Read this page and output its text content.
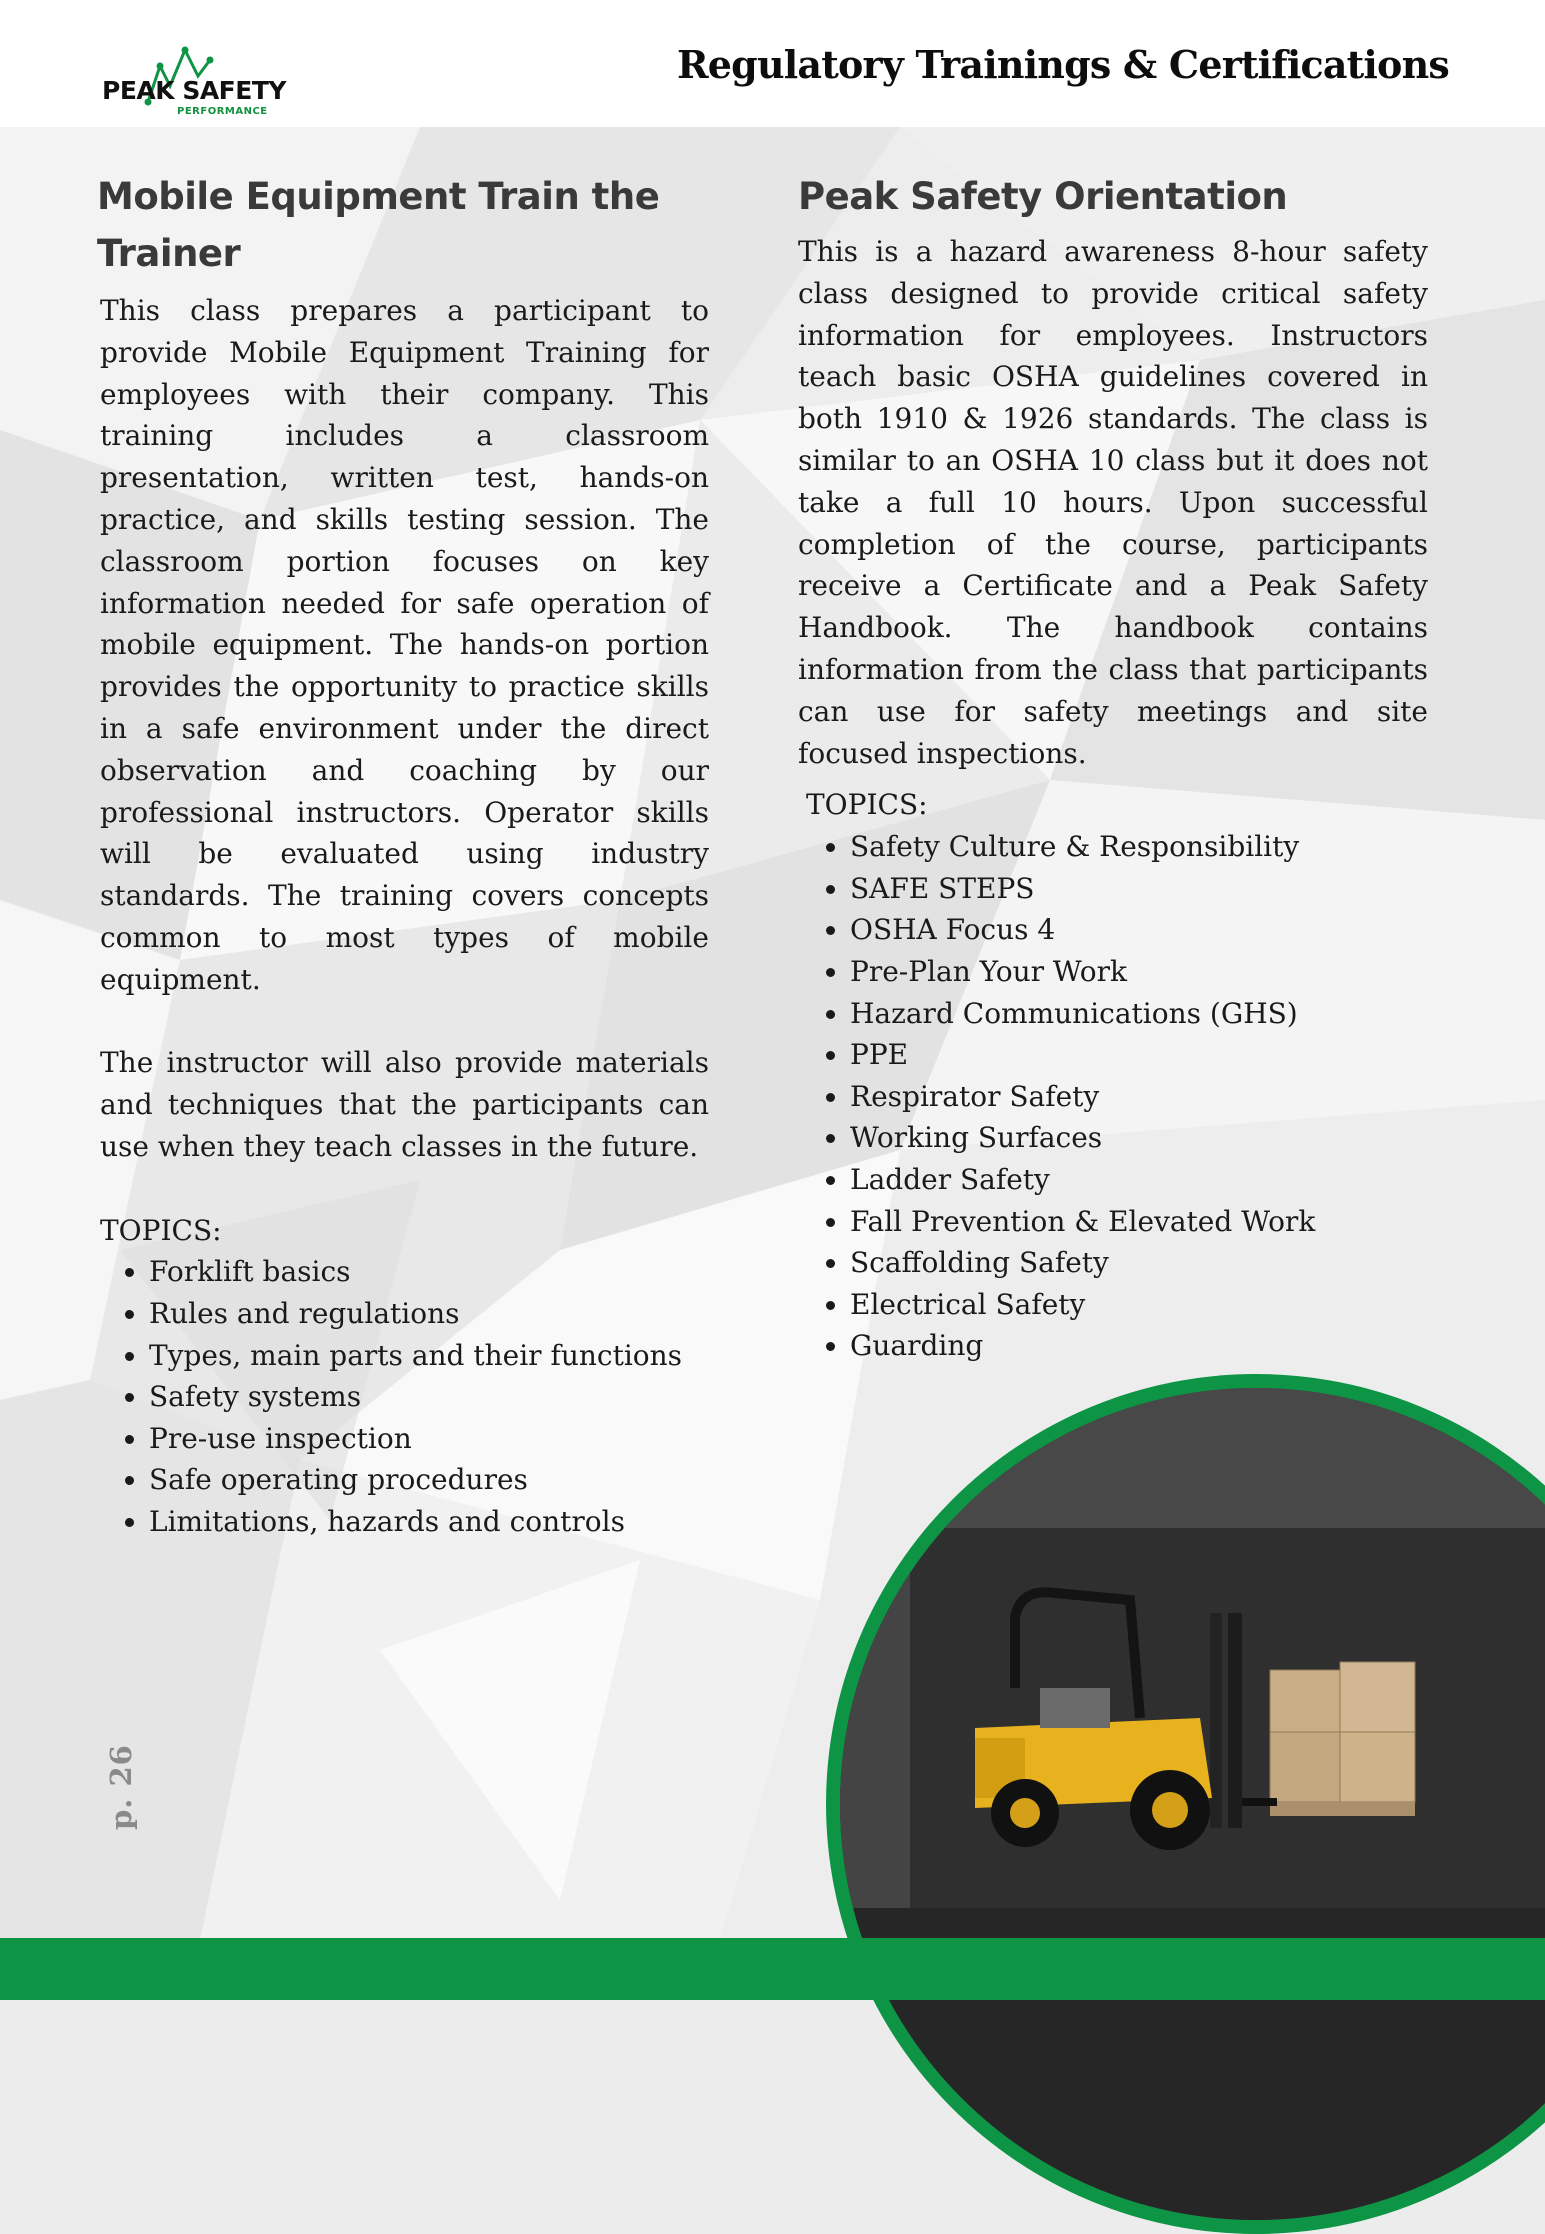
PEAK SAFETY
PERFORMANCE
Regulatory Trainings & Certifications
Mobile Equipment Train the
Trainer

This class prepares a participant to provide Mobile Equipment Training for employees with their company. This training includes a classroom presentation, written test, hands-on practice, and skills testing session. The classroom portion focuses on key information needed for safe operation of mobile equipment. The hands-on portion provides the opportunity to practice skills in a safe environment under the direct observation and coaching by our professional instructors. Operator skills will be evaluated using industry standards. The training covers concepts common to most types of mobile equipment.

The instructor will also provide materials and techniques that the participants can use when they teach classes in the future.

TOPICS:

• Forklift basics
• Rules and regulations
• Types, main parts and their functions
• Safety systems
• Pre-use inspection
• Safe operating procedures
• Limitations, hazards and controls
Peak Safety Orientation

This is a hazard awareness 8-hour safety class designed to provide critical safety information for employees. Instructors teach basic OSHA guidelines covered in both 1910 & 1926 standards. The class is similar to an OSHA 10 class but it does not take a full 10 hours. Upon successful completion of the course, participants receive a Certificate and a Peak Safety Handbook. The handbook contains information from the class that participants can use for safety meetings and site focused inspections.

TOPICS:

• Safety Culture & Responsibility
• SAFE STEPS
• OSHA Focus 4
• Pre-Plan Your Work
• Hazard Communications (GHS)
• PPE
• Respirator Safety
• Working Surfaces
• Ladder Safety
• Fall Prevention & Elevated Work
• Scaffolding Safety
• Electrical Safety
• Guarding
p. 26
